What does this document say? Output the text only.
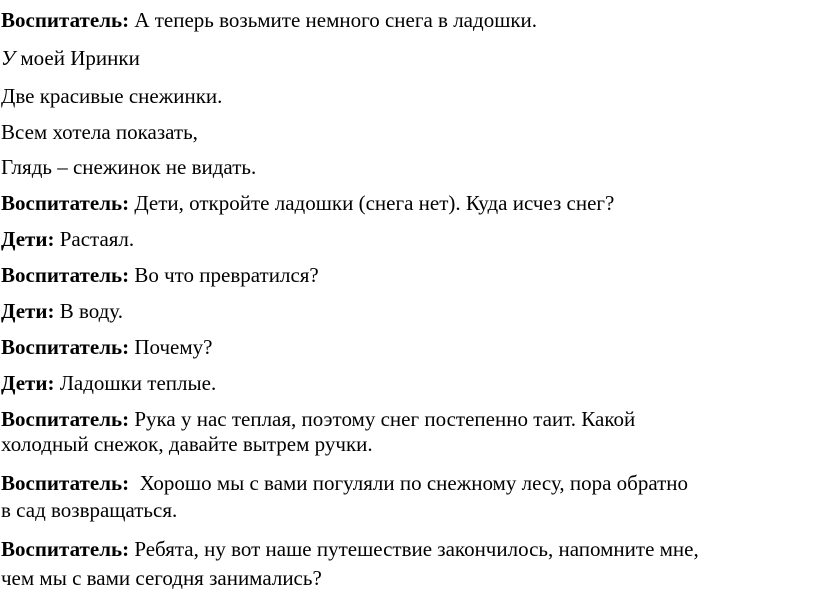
Воспитатель: А теперь возьмите немного снега в ладошки.
У моей Иринки
Две красивые снежинки.
Всем хотела показать,
Глядь – снежинок не видать.
Воспитатель: Дети, откройте ладошки (снега нет). Куда исчез снег?
Дети: Растаял.
Воспитатель: Во что превратился?
Дети: В воду.
Воспитатель: Почему?
Дети: Ладошки теплые.
Воспитатель: Рука у нас теплая, поэтому снег постепенно таит. Какой
холодный снежок, давайте вытрем ручки.
Воспитатель:  Хорошо мы с вами погуляли по снежному лесу, пора обратно
в сад возвращаться.
Воспитатель: Ребята, ну вот наше путешествие закончилось, напомните мне,
чем мы с вами сегодня занимались?
